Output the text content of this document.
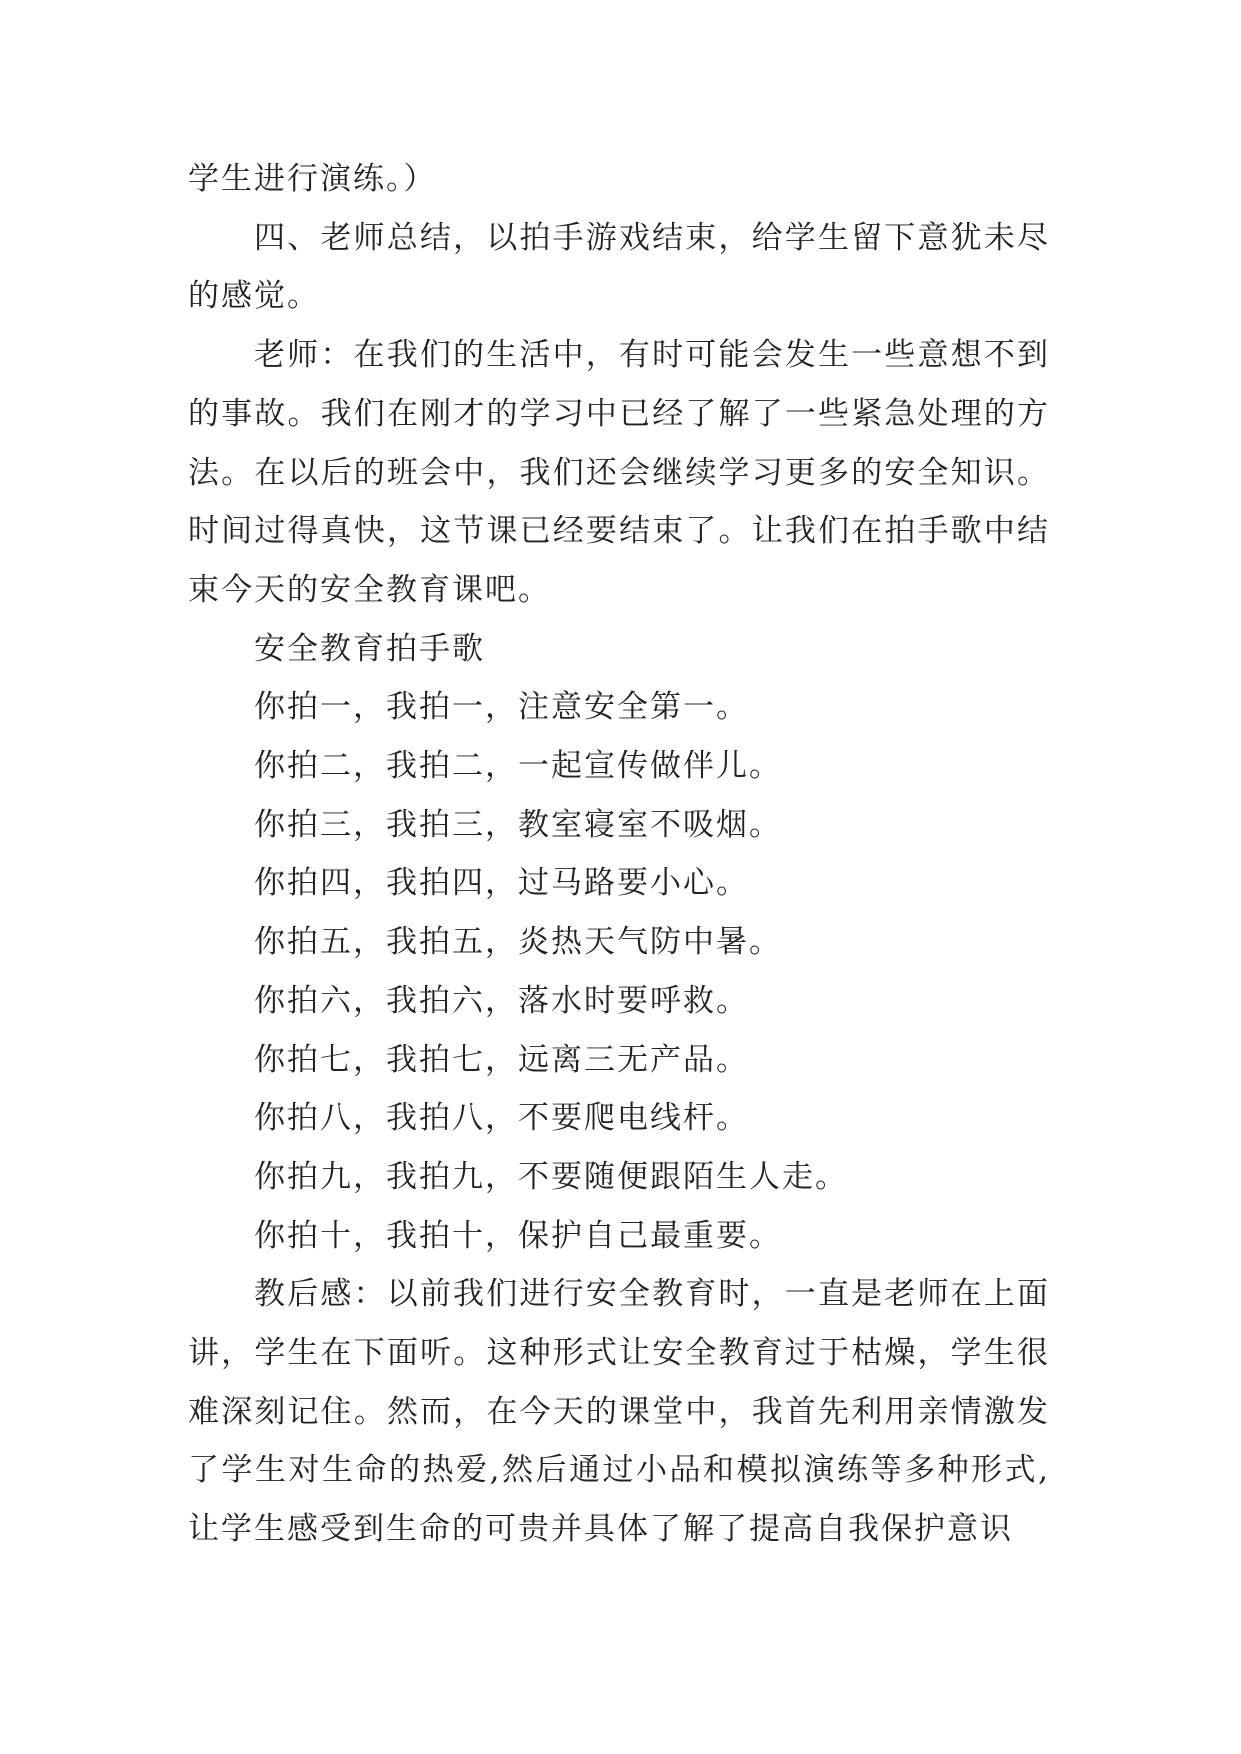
学生进行演练。）

四、老师总结，以拍手游戏结束，给学生留下意犹未尽的感觉。

老师：在我们的生活中，有时可能会发生一些意想不到的事故。我们在刚才的学习中已经了解了一些紧急处理的方法。在以后的班会中，我们还会继续学习更多的安全知识。时间过得真快，这节课已经要结束了。让我们在拍手歌中结束今天的安全教育课吧。

安全教育拍手歌

你拍一，我拍一，注意安全第一。

你拍二，我拍二，一起宣传做伴儿。

你拍三，我拍三，教室寝室不吸烟。

你拍四，我拍四，过马路要小心。

你拍五，我拍五，炎热天气防中暑。

你拍六，我拍六，落水时要呼救。

你拍七，我拍七，远离三无产品。

你拍八，我拍八，不要爬电线杆。

你拍九，我拍九，不要随便跟陌生人走。

你拍十，我拍十，保护自己最重要。

教后感：以前我们进行安全教育时，一直是老师在上面讲，学生在下面听。这种形式让安全教育过于枯燥，学生很难深刻记住。然而，在今天的课堂中，我首先利用亲情激发了学生对生命的热爱,然后通过小品和模拟演练等多种形式,让学生感受到生命的可贵并具体了解了提高自我保护意识
